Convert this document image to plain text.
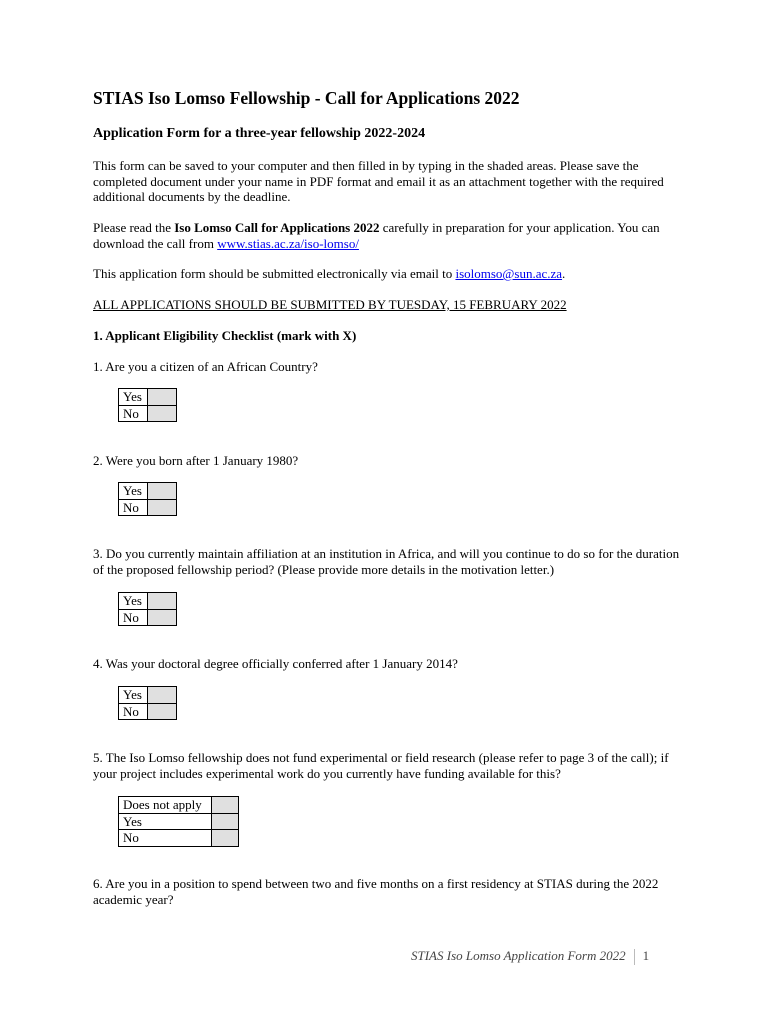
STIAS Iso Lomso Fellowship - Call for Applications 2022
Application Form for a three-year fellowship 2022-2024
This form can be saved to your computer and then filled in by typing in the shaded areas. Please save the completed document under your name in PDF format and email it as an attachment together with the required additional documents by the deadline.
Please read the Iso Lomso Call for Applications 2022 carefully in preparation for your application. You can download the call from www.stias.ac.za/iso-lomso/
This application form should be submitted electronically via email to isolomso@sun.ac.za.
ALL APPLICATIONS SHOULD BE SUBMITTED BY TUESDAY, 15 FEBRUARY 2022
1. Applicant Eligibility Checklist (mark with X)
1. Are you a citizen of an African Country?
Yes	
No	
2. Were you born after 1 January 1980?
Yes	
No	
3. Do you currently maintain affiliation at an institution in Africa, and will you continue to do so for the duration of the proposed fellowship period? (Please provide more details in the motivation letter.)
Yes	
No	
4. Was your doctoral degree officially conferred after 1 January 2014?
Yes	
No	
5. The Iso Lomso fellowship does not fund experimental or field research (please refer to page 3 of the call); if your project includes experimental work do you currently have funding available for this?
Does not apply	
Yes	
No	
6. Are you in a position to spend between two and five months on a first residency at STIAS during the 2022 academic year?
STIAS Iso Lomso Application Form 2022 1
